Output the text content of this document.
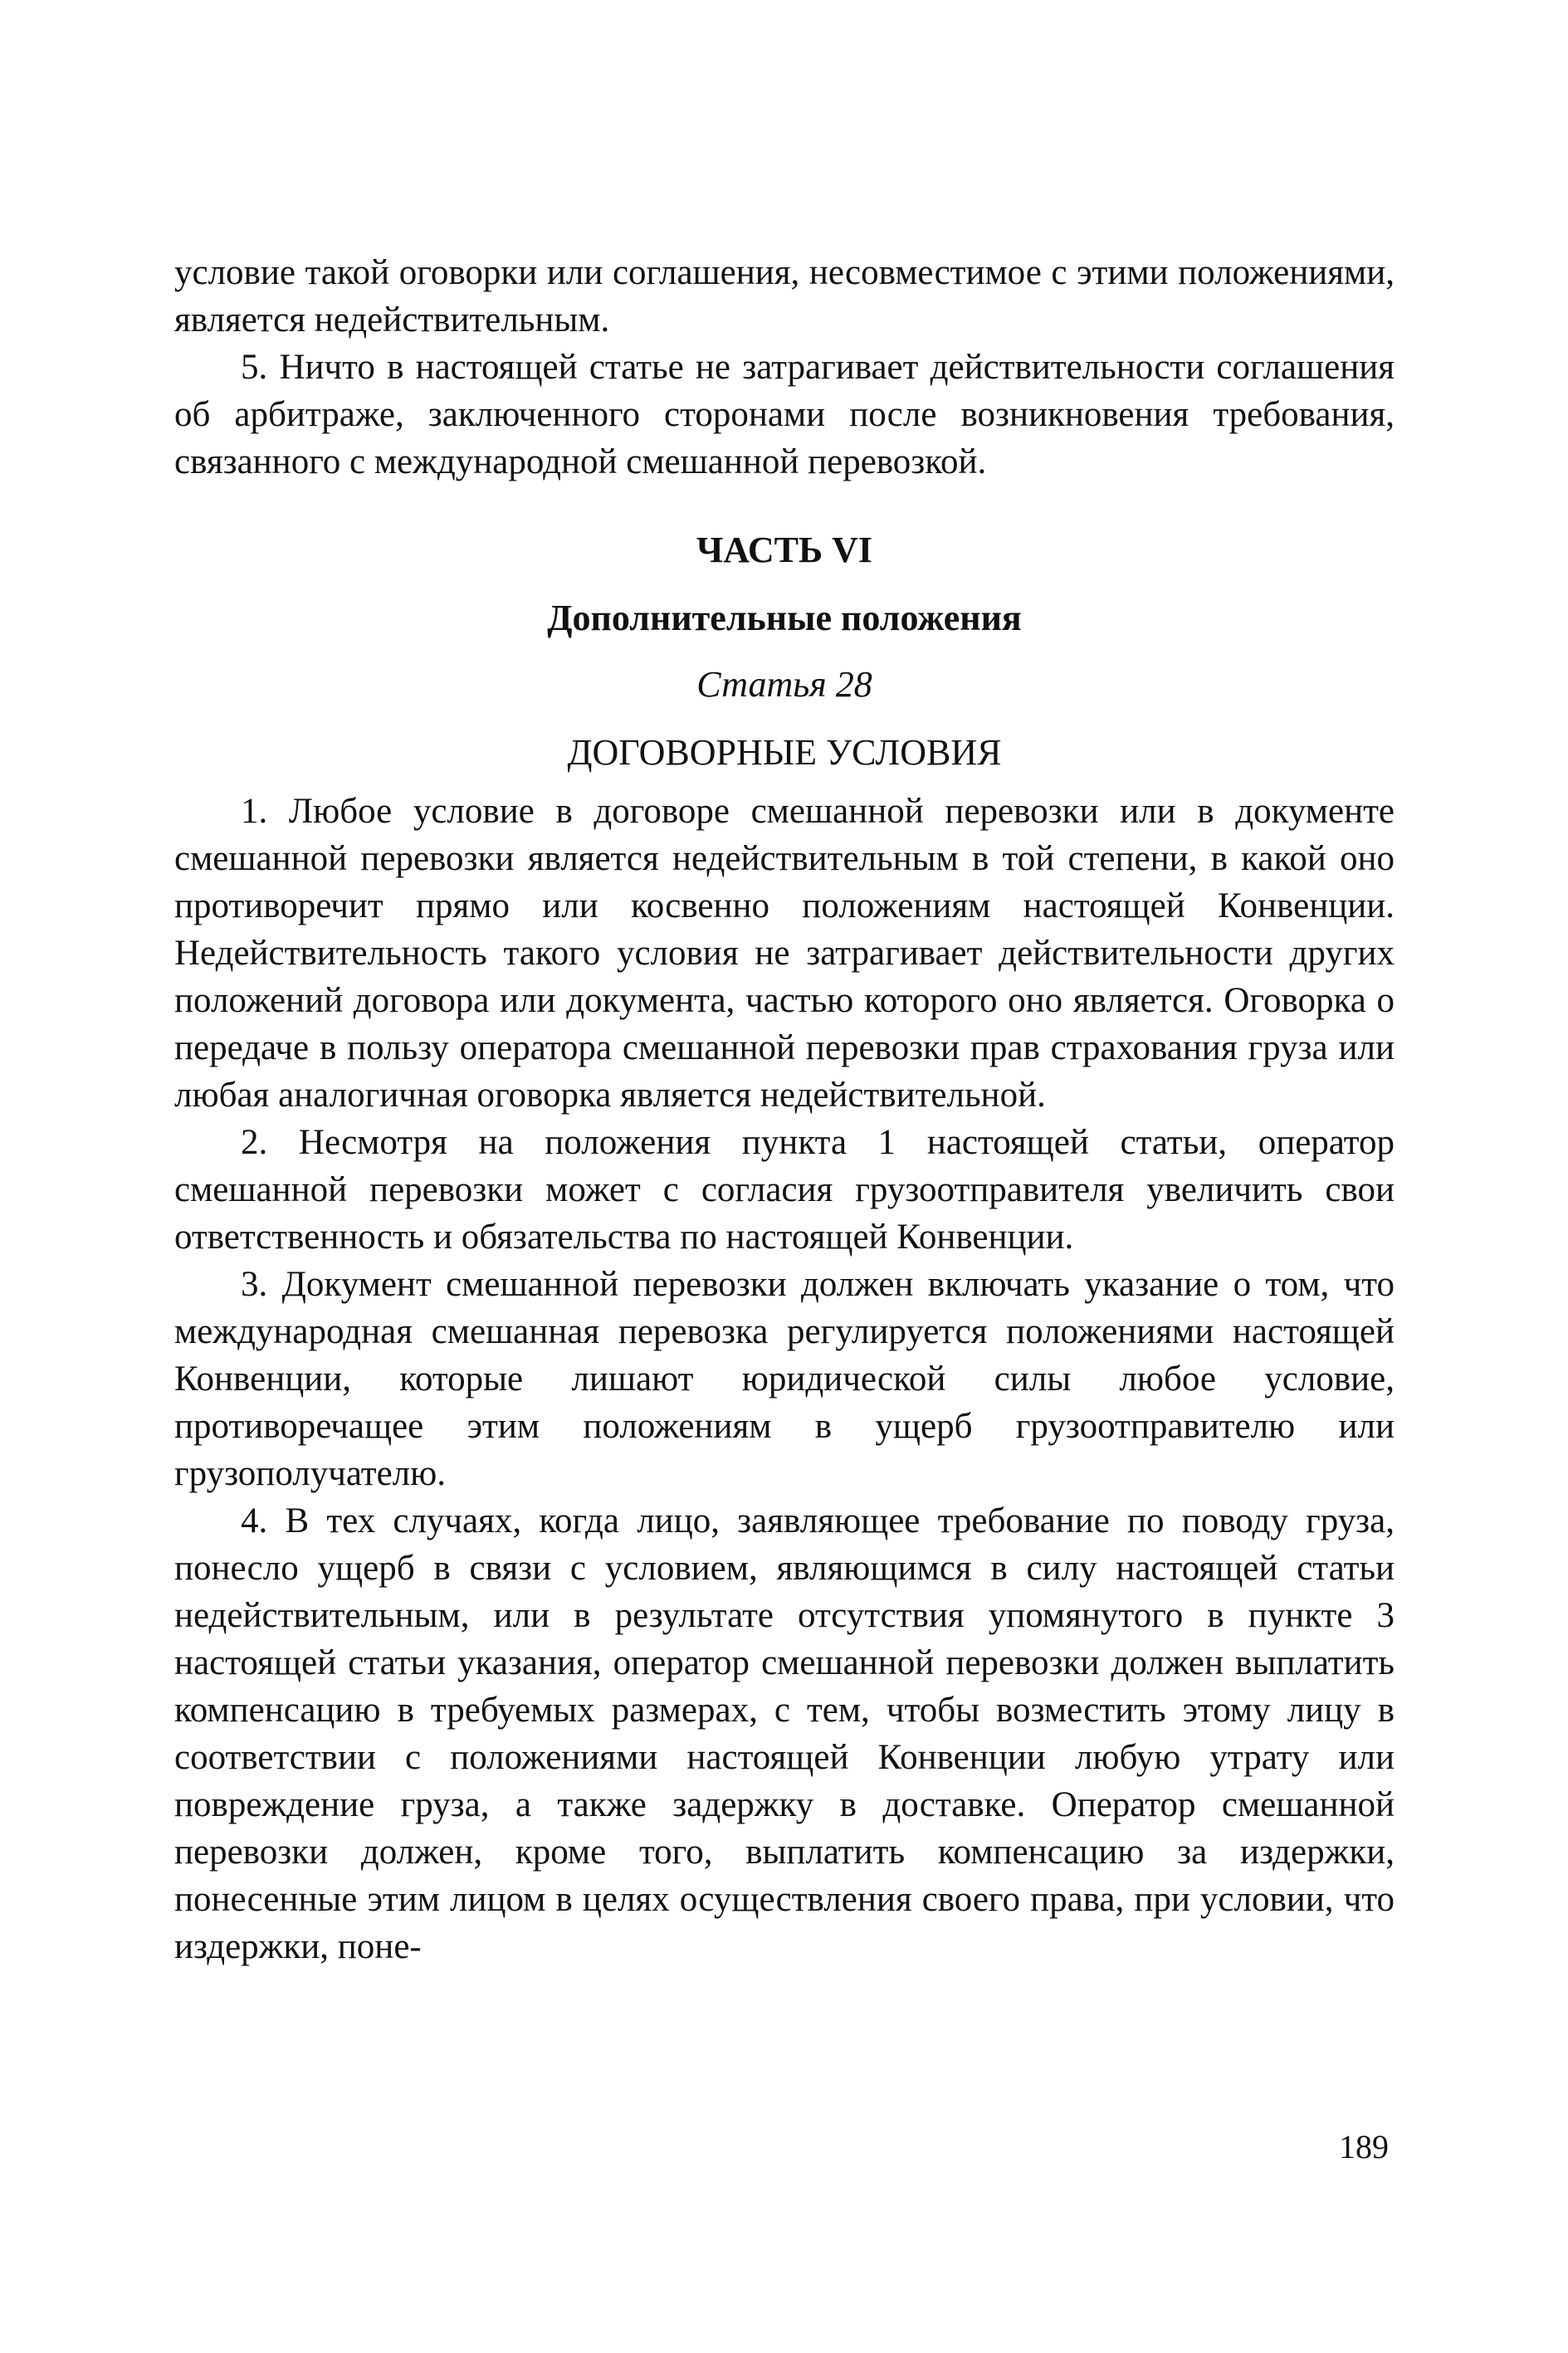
условие такой оговорки или соглашения, несовместимое с этими положениями, является недействительным.

5. Ничто в настоящей статье не затрагивает действительности соглашения об арбитраже, заключенного сторонами после возникновения требования, связанного с международной смешанной перевозкой.

ЧАСТЬ VI
Дополнительные положения
Статья 28
ДОГОВОРНЫЕ УСЛОВИЯ

1. Любое условие в договоре смешанной перевозки или в документе смешанной перевозки является недействительным в той степени, в какой оно противоречит прямо или косвенно положениям настоящей Конвенции. Недействительность такого условия не затрагивает действительности других положений договора или документа, частью которого оно является. Оговорка о передаче в пользу оператора смешанной перевозки прав страхования груза или любая аналогичная оговорка является недействительной.

2. Несмотря на положения пункта 1 настоящей статьи, оператор смешанной перевозки может с согласия грузоотправителя увеличить свои ответственность и обязательства по настоящей Конвенции.

3. Документ смешанной перевозки должен включать указание о том, что международная смешанная перевозка регулируется положениями настоящей Конвенции, которые лишают юридической силы любое условие, противоречащее этим положениям в ущерб грузоотправителю или грузополучателю.

4. В тех случаях, когда лицо, заявляющее требование по поводу груза, понесло ущерб в связи с условием, являющимся в силу настоящей статьи недействительным, или в результате отсутствия упомянутого в пункте 3 настоящей статьи указания, оператор смешанной перевозки должен выплатить компенсацию в требуемых размерах, с тем, чтобы возместить этому лицу в соответствии с положениями настоящей Конвенции любую утрату или повреждение груза, а также задержку в доставке. Оператор смешанной перевозки должен, кроме того, выплатить компенсацию за издержки, понесенные этим лицом в целях осуществления своего права, при условии, что издержки, поне-

189
